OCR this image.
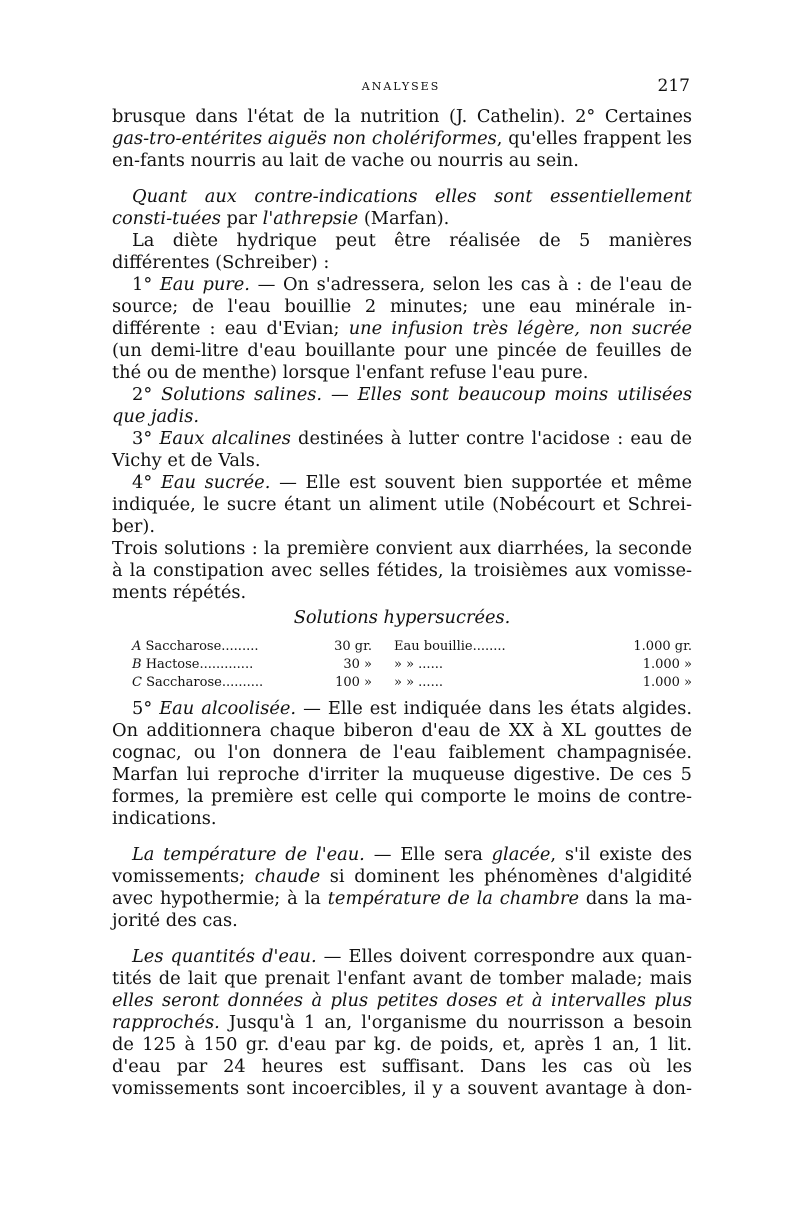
ANALYSES	217

brusque dans l'état de la nutrition (J. Cathelin). 2° Certaines gas-tro-entérites aiguës non cholériformes, qu'elles frappent les en-fants nourris au lait de vache ou nourris au sein.

Quant aux contre-indications elles sont essentiellement consti-tuées par l'athrepsie (Marfan).

La diète hydrique peut être réalisée de 5 manières différentes (Schreiber) :

1° Eau pure. — On s'adressera, selon les cas à : de l'eau de source; de l'eau bouillie 2 minutes; une eau minérale in-différente : eau d'Evian; une infusion très légère, non sucrée (un demi-litre d'eau bouillante pour une pincée de feuilles de thé ou de menthe) lorsque l'enfant refuse l'eau pure.

2° Solutions salines. — Elles sont beaucoup moins utilisées que jadis.

3° Eaux alcalines destinées à lutter contre l'acidose : eau de Vichy et de Vals.

4° Eau sucrée. — Elle est souvent bien supportée et même indiquée, le sucre étant un aliment utile (Nobécourt et Schrei-ber).

Trois solutions : la première convient aux diarrhées, la seconde à la constipation avec selles fétides, la troisièmes aux vomisse-ments répétés.

Solutions hypersucrées.

A Saccharose.........	30 gr.	Eau bouillie........	1.000 gr.
B Hactose.............	30 »	» » ......	1.000 »
C Saccharose..........	100 »	» » ......	1.000 »

5° Eau alcoolisée. — Elle est indiquée dans les états algides. On additionnera chaque biberon d'eau de XX à XL gouttes de cognac, ou l'on donnera de l'eau faiblement champagnisée. Marfan lui reproche d'irriter la muqueuse digestive. De ces 5 formes, la première est celle qui comporte le moins de contre-indications.

La température de l'eau. — Elle sera glacée, s'il existe des vomissements; chaude si dominent les phénomènes d'algidité avec hypothermie; à la température de la chambre dans la ma-jorité des cas.

Les quantités d'eau. — Elles doivent correspondre aux quan-tités de lait que prenait l'enfant avant de tomber malade; mais elles seront données à plus petites doses et à intervalles plus rapprochés. Jusqu'à 1 an, l'organisme du nourrisson a besoin de 125 à 150 gr. d'eau par kg. de poids, et, après 1 an, 1 lit. d'eau par 24 heures est suffisant. Dans les cas où les vomissements sont incoercibles, il y a souvent avantage à don-
